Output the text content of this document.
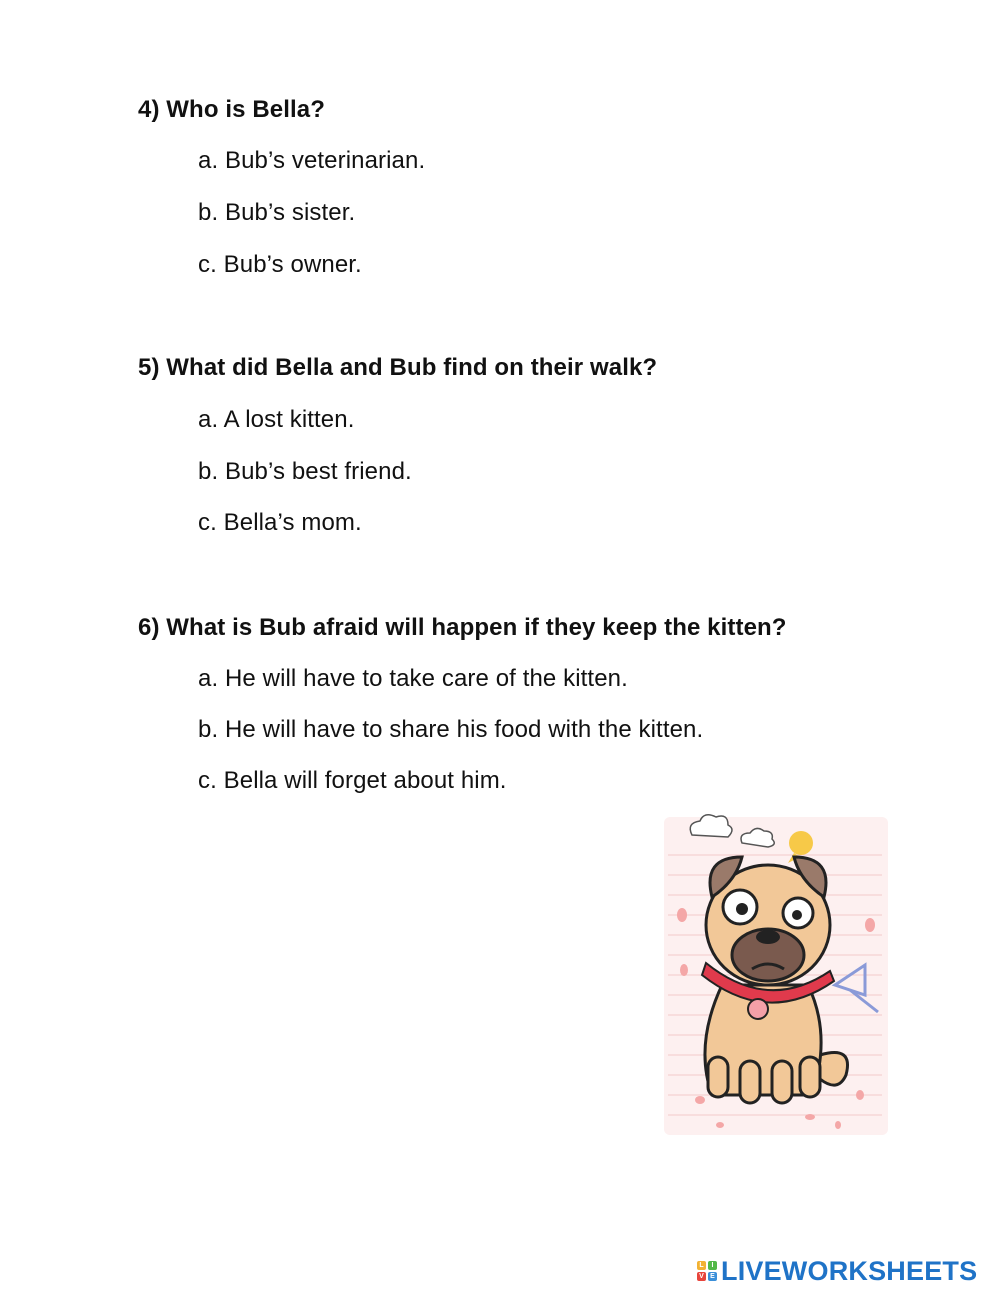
4) Who is Bella?
a. Bub’s veterinarian.
b. Bub’s sister.
c. Bub’s owner.
5) What did Bella and Bub find on their walk?
a. A lost kitten.
b. Bub’s best friend.
c. Bella’s mom.
6) What is Bub afraid will happen if they keep the kitten?
a. He will have to take care of the kitten.
b. He will have to share his food with the kitten.
c. Bella will forget about him.
L	I
V E LIVEWORKSHEETS
